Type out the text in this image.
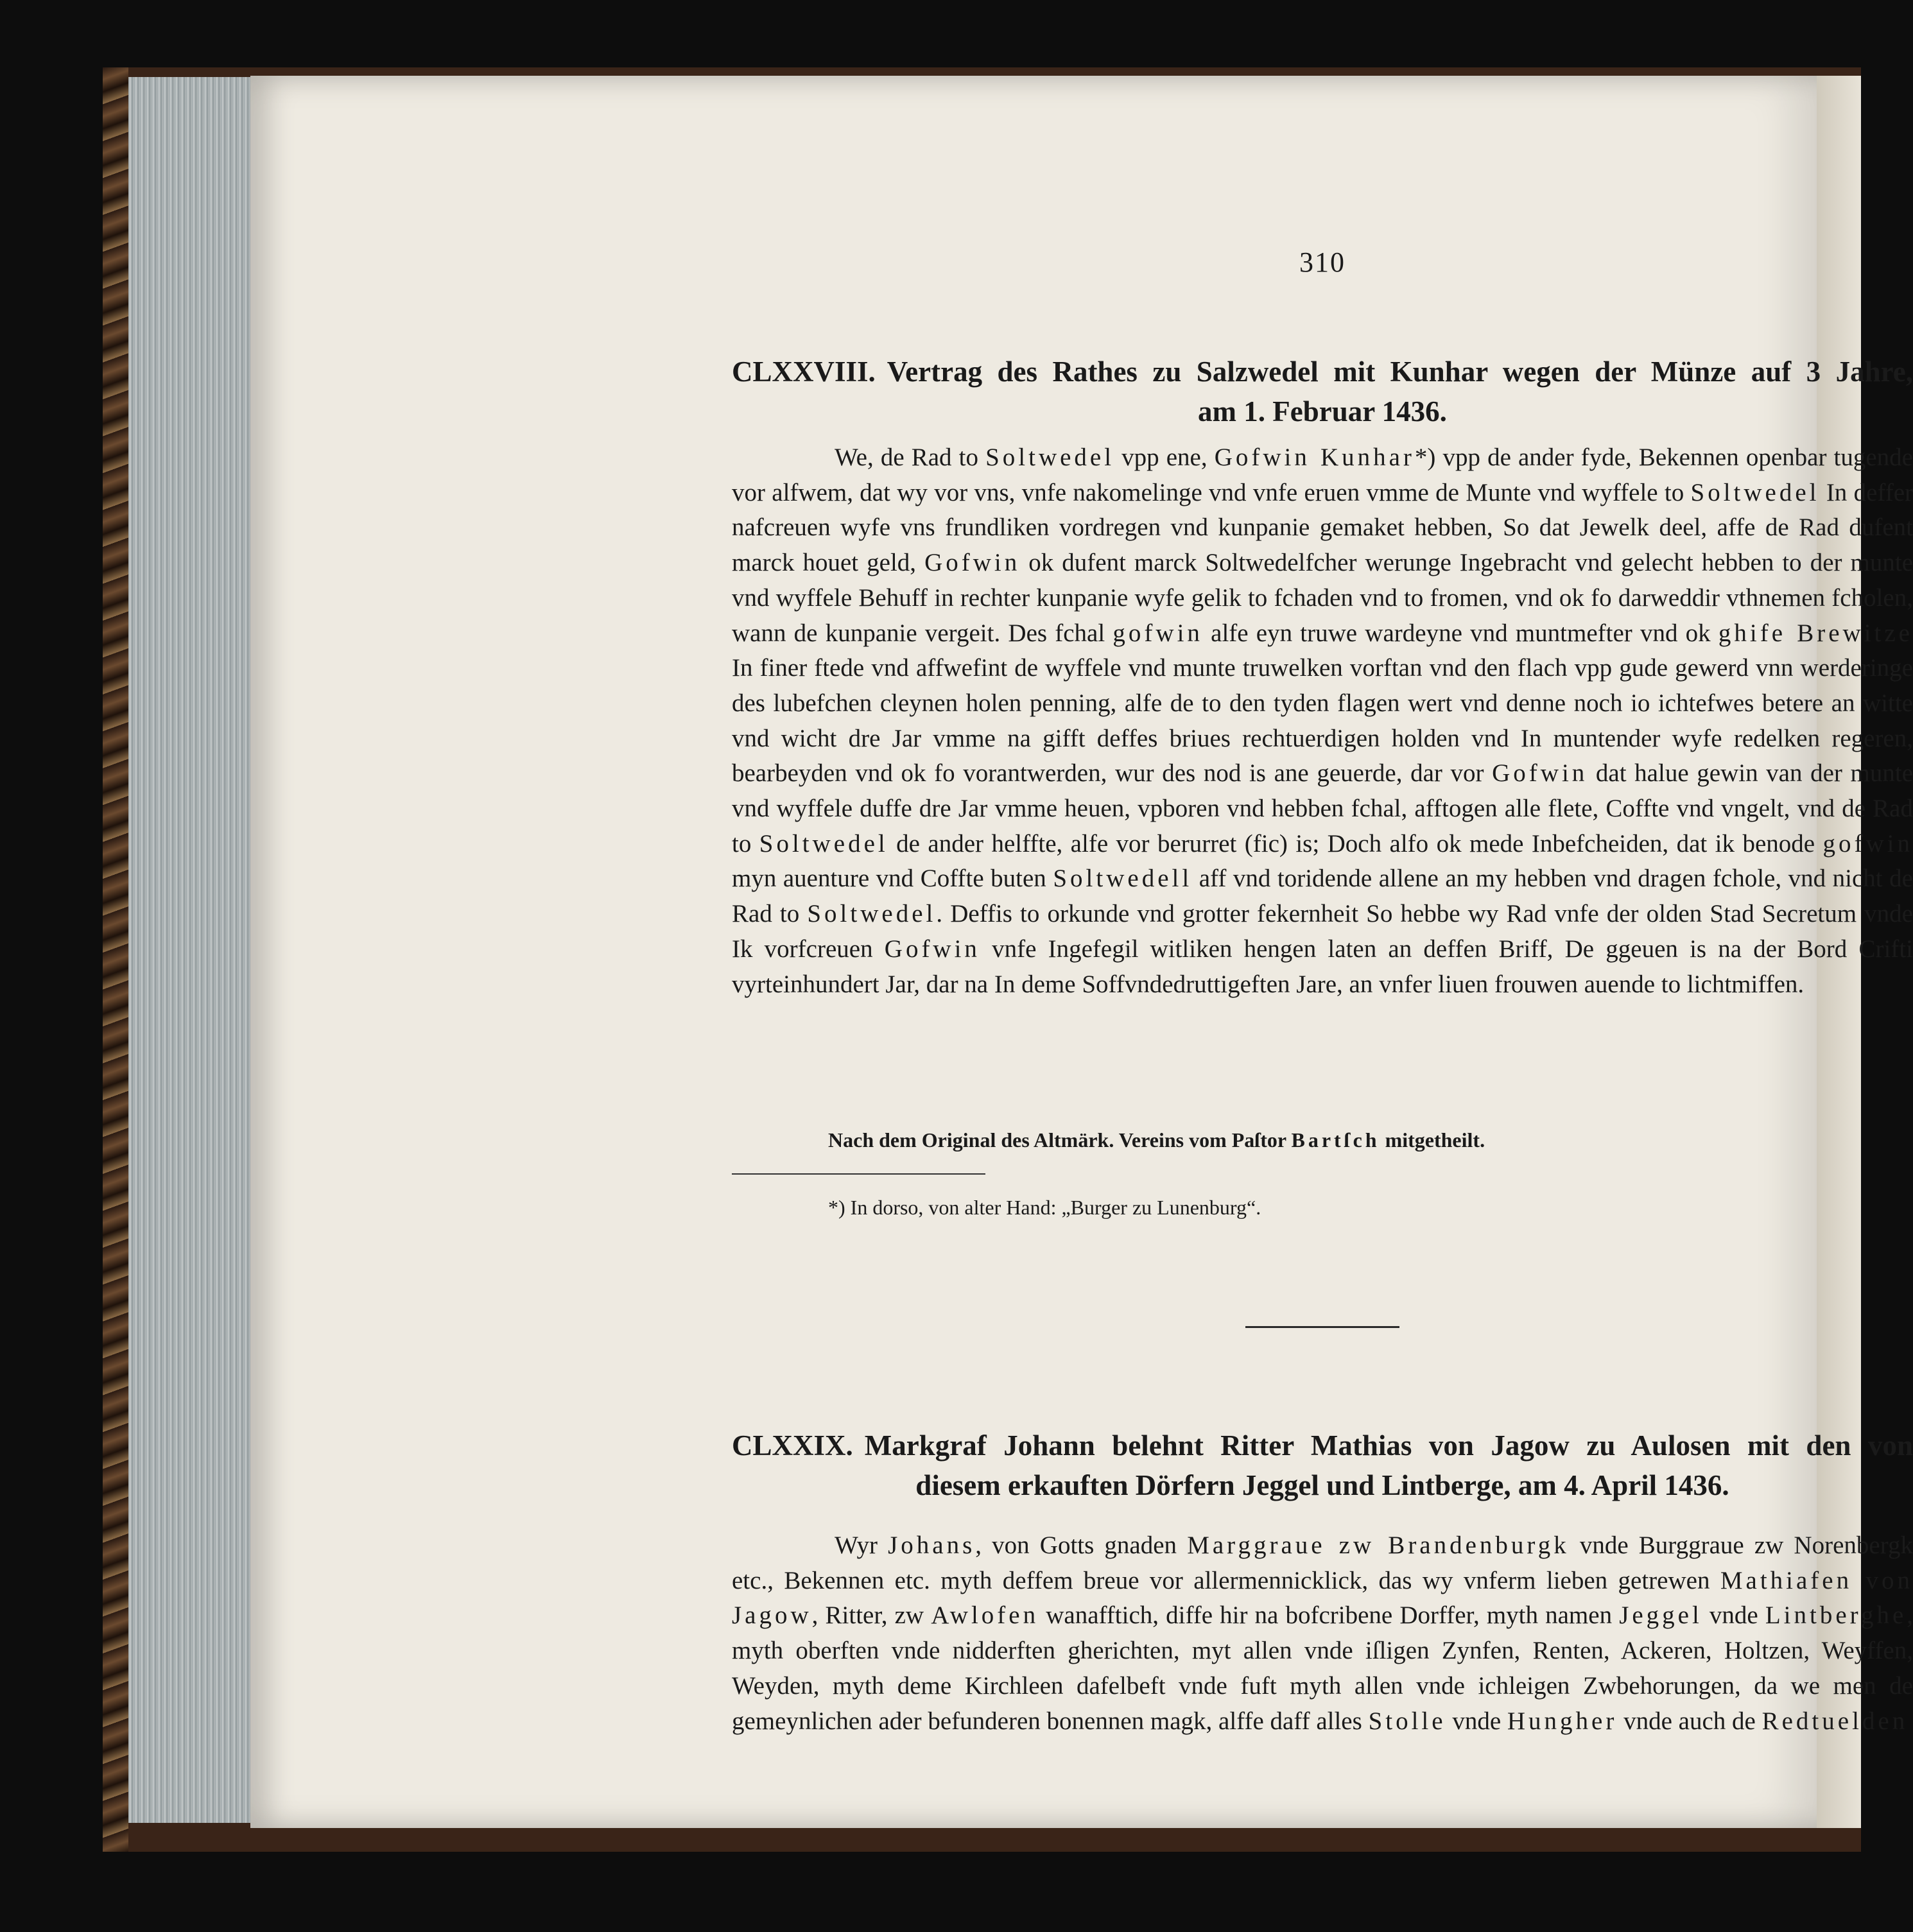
310
CLXXVIII. Vertrag des Rathes zu Salzwedel mit Kunhar wegen der Münze auf 3 Jahre,
am 1. Februar 1436.

We, de Rad to Soltwedel vpp ene, Gofwin Kunhar*) vpp de ander fyde, Bekennen openbar tugende vor alfwem, dat wy vor vns, vnfe nakomelinge vnd vnfe eruen vmme de Munte vnd wyffele to Soltwedel In deffer nafcreuen wyfe vns frundliken vordregen vnd kunpanie gemaket hebben, So dat Jewelk deel, affe de Rad dufent marck houet geld, Gofwin ok dufent marck Soltwedelfcher werunge Ingebracht vnd gelecht hebben to der munte vnd wyffele Behuff in rechter kunpanie wyfe gelik to fchaden vnd to fromen, vnd ok fo darweddir vthnemen fcholen, wann de kunpanie vergeit. Des fchal gofwin alfe eyn truwe wardeyne vnd muntmefter vnd ok ghife Brewitze In finer ftede vnd affwefint de wyffele vnd munte truwelken vorftan vnd den flach vpp gude gewerd vnn werderinge des lubefchen cleynen holen penning, alfe de to den tyden flagen wert vnd denne noch io ichtefwes betere an witte vnd wicht dre Jar vmme na gifft deffes briues rechtuerdigen holden vnd In muntender wyfe redelken regeren, bearbeyden vnd ok fo vorantwerden, wur des nod is ane geuerde, dar vor Gofwin dat halue gewin van der munte vnd wyffele duffe dre Jar vmme heuen, vpboren vnd hebben fchal, afftogen alle flete, Coffte vnd vngelt, vnd de Rad to Soltwedel de ander helffte, alfe vor berurret (fic) is; Doch alfo ok mede Inbefcheiden, dat ik benode gofwin myn auenture vnd Coffte buten Soltwedell aff vnd toridende allene an my hebben vnd dragen fchole, vnd nicht de Rad to Soltwedel. Deffis to orkunde vnd grotter fekernheit So hebbe wy Rad vnfe der olden Stad Secretum vnde Ik vorfcreuen Gofwin vnfe Ingefegil witliken hengen laten an deffen Briff, De ggeuen is na der Bord Crifti vyrteinhundert Jar, dar na In deme Soffvndedruttigeften Jare, an vnfer liuen frouwen auende to lichtmiffen.

Nach dem Original des Altmärk. Vereins vom Paſtor Bartſch mitgetheilt.
*) In dorso, von alter Hand: „Burger zu Lunenburg“.
CLXXIX. Markgraf Johann belehnt Ritter Mathias von Jagow zu Aulosen mit den von
diesem erkauften Dörfern Jeggel und Lintberge, am 4. April 1436.

Wyr Johans, von Gotts gnaden Marggraue zw Brandenburgk vnde Burggraue zw Norenbergk etc., Bekennen etc. myth deffem breue vor allermennicklick, das wy vnferm lieben getrewen Mathiafen von Jagow, Ritter, zw Awlofen wanafftich, diffe hir na bofcribene Dorffer, myth namen Jeggel vnde Lintberghe, myth oberften vnde nidderften gherichten, myt allen vnde iſligen Zynfen, Renten, Ackeren, Holtzen, Weyffen, Weyden, myth deme Kirchleen dafelbeft vnde fuft myth allen vnde ichleigen Zwbehorungen, da we men de gemeynlichen ader befunderen bonennen magk, alffe daff alles Stolle vnde Hungher vnde auch de Redtuelden
